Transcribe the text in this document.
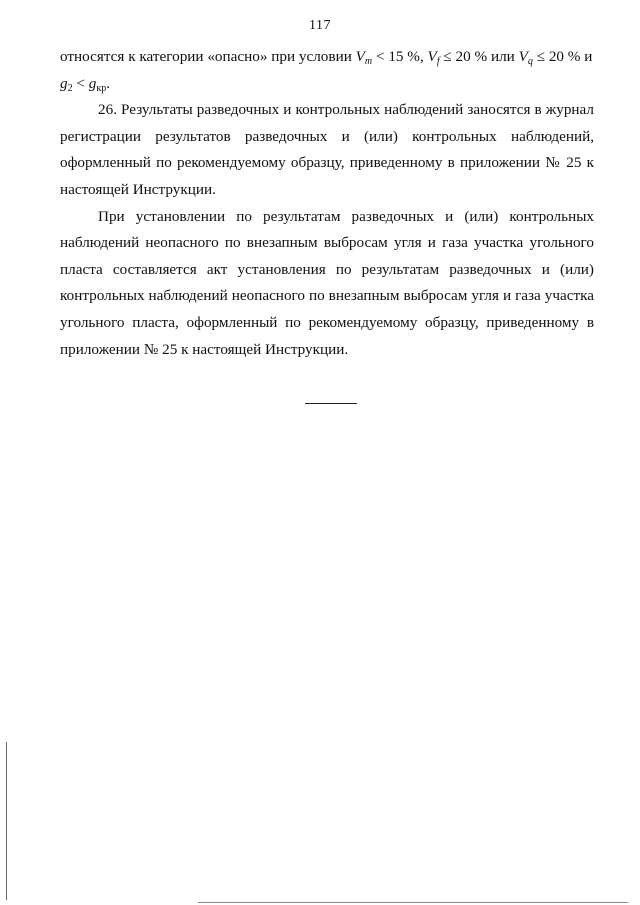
117

относятся к категории «опасно» при условии $V_m < 15$ %, $V_f \le 20$ % или $V_q \le 20$ % и
$g_2 < g_{кр}$.

26. Результаты разведочных и контрольных наблюдений заносятся в журнал регистрации результатов разведочных и (или) контрольных наблюдений, оформленный по рекомендуемому образцу, приведенному в приложении № 25 к настоящей Инструкции.

При установлении по результатам разведочных и (или) контрольных наблюдений неопасного по внезапным выбросам угля и газа участка угольного пласта составляется акт установления по результатам разведочных и (или) контрольных наблюдений неопасного по внезапным выбросам угля и газа участка угольного пласта, оформленный по рекомендуемому образцу, приведенному в приложении № 25 к настоящей Инструкции.
